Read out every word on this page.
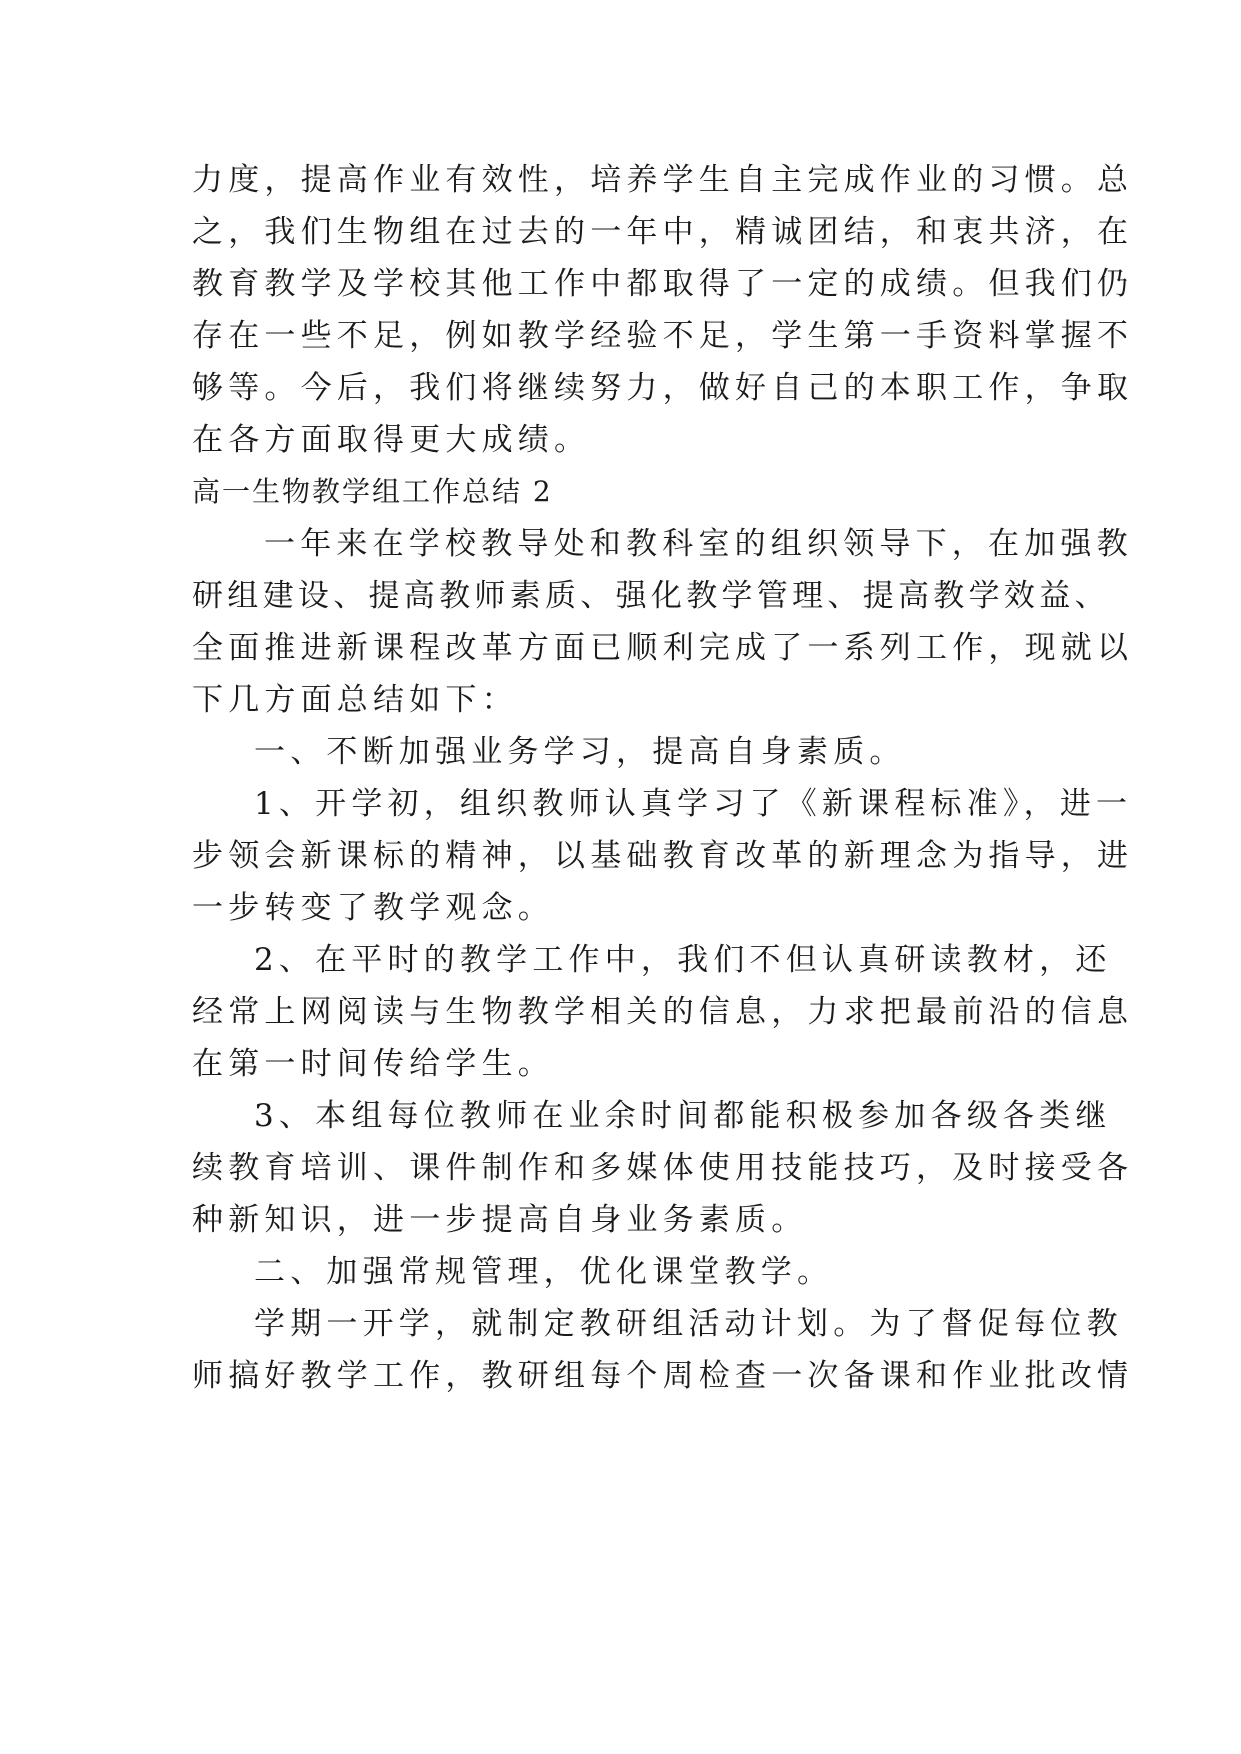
力度，提高作业有效性，培养学生自主完成作业的习惯。总
之，我们生物组在过去的一年中，精诚团结，和衷共济，在
教育教学及学校其他工作中都取得了一定的成绩。但我们仍
存在一些不足，例如教学经验不足，学生第一手资料掌握不
够等。今后，我们将继续努力，做好自己的本职工作，争取
在各方面取得更大成绩。
高一生物教学组工作总结 2
一年来在学校教导处和教科室的组织领导下，在加强教
研组建设、提高教师素质、强化教学管理、提高教学效益、
全面推进新课程改革方面已顺利完成了一系列工作，现就以
下几方面总结如下：
一、不断加强业务学习，提高自身素质。
1、开学初，组织教师认真学习了《新课程标准》，进一
步领会新课标的精神，以基础教育改革的新理念为指导，进
一步转变了教学观念。
2、在平时的教学工作中，我们不但认真研读教材，还
经常上网阅读与生物教学相关的信息，力求把最前沿的信息
在第一时间传给学生。
3、本组每位教师在业余时间都能积极参加各级各类继
续教育培训、课件制作和多媒体使用技能技巧，及时接受各
种新知识，进一步提高自身业务素质。
二、加强常规管理，优化课堂教学。
学期一开学，就制定教研组活动计划。为了督促每位教
师搞好教学工作，教研组每个周检查一次备课和作业批改情
